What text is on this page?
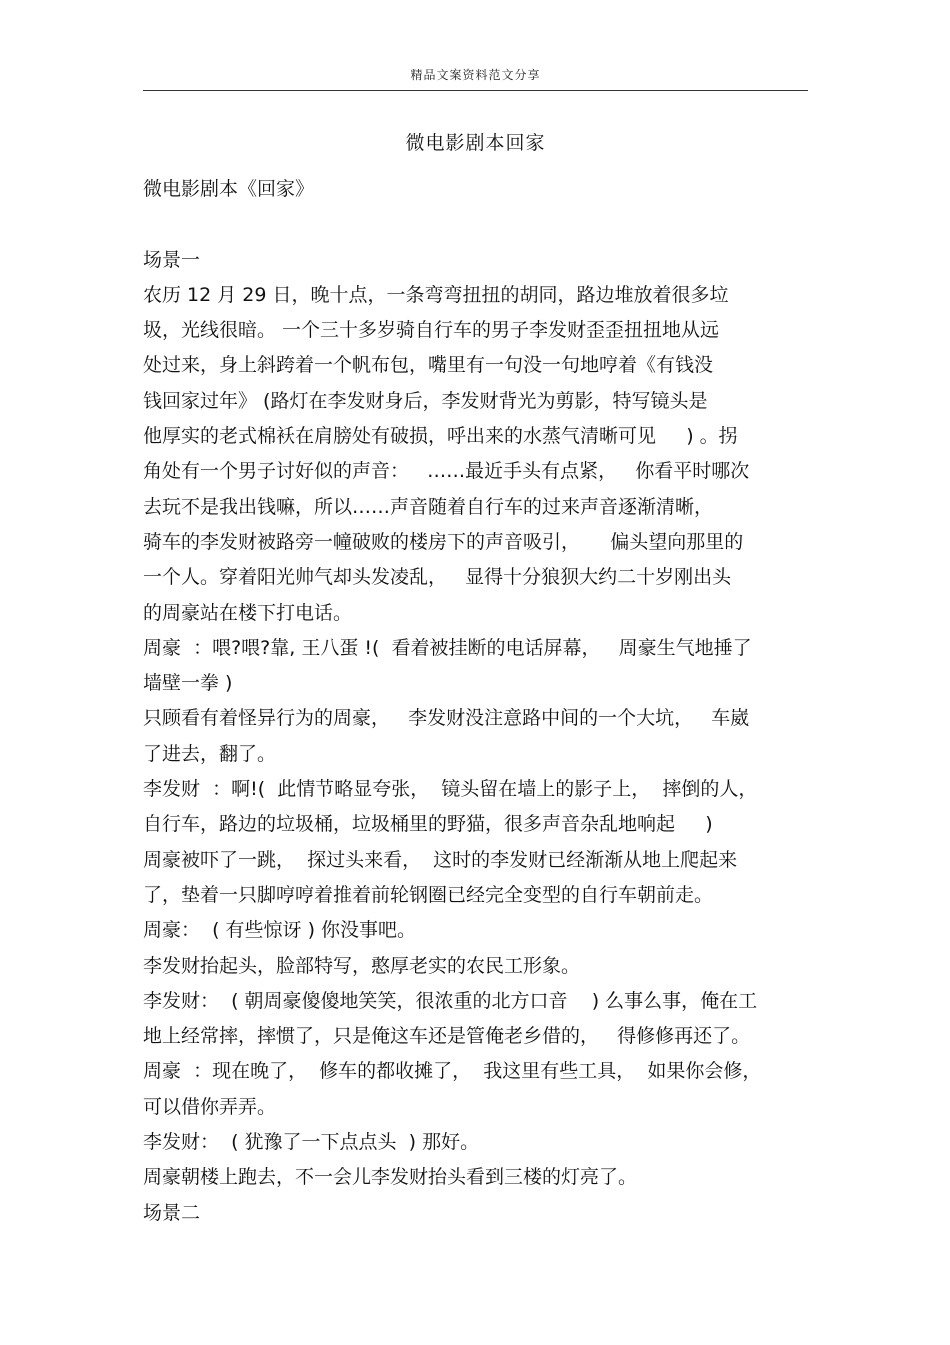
精品文案资料范文分享
微电影剧本回家
微电影剧本《回家》
场景一
农历 12 月 29 日，晚十点，一条弯弯扭扭的胡同，路边堆放着很多垃
圾，光线很暗。 一个三十多岁骑自行车的男子李发财歪歪扭扭地从远
处过来，身上斜跨着一个帆布包，嘴里有一句没一句地哼着《有钱没
钱回家过年》 (路灯在李发财身后，李发财背光为剪影，特写镜头是
他厚实的老式棉袄在肩膀处有破损，呼出来的水蒸气清晰可见     ) 。拐
角处有一个男子讨好似的声音：   ……最近手头有点紧，   你看平时哪次
去玩不是我出钱嘛，所以……声音随着自行车的过来声音逐渐清晰，
骑车的李发财被路旁一幢破败的楼房下的声音吸引，     偏头望向那里的
一个人。穿着阳光帅气却头发凌乱，   显得十分狼狈大约二十岁刚出头
的周豪站在楼下打电话。
周豪  ：喂?喂?靠, 王八蛋 !(  看着被挂断的电话屏幕，   周豪生气地捶了
墙壁一拳 )
只顾看有着怪异行为的周豪，   李发财没注意路中间的一个大坑，   车崴
了进去，翻了。
李发财  ：啊!(  此情节略显夸张，  镜头留在墙上的影子上，  摔倒的人，
自行车，路边的垃圾桶，垃圾桶里的野猫，很多声音杂乱地响起     )
周豪被吓了一跳，  探过头来看，  这时的李发财已经渐渐从地上爬起来
了，垫着一只脚哼哼着推着前轮钢圈已经完全变型的自行车朝前走。
周豪：  ( 有些惊讶 ) 你没事吧。
李发财抬起头，脸部特写，憨厚老实的农民工形象。
李发财：  ( 朝周豪傻傻地笑笑，很浓重的北方口音    ) 么事么事，俺在工
地上经常摔，摔惯了，只是俺这车还是管俺老乡借的，   得修修再还了。
周豪  ：现在晚了，  修车的都收摊了，  我这里有些工具，  如果你会修，
可以借你弄弄。
李发财：  ( 犹豫了一下点点头  ) 那好。
周豪朝楼上跑去，不一会儿李发财抬头看到三楼的灯亮了。
场景二
